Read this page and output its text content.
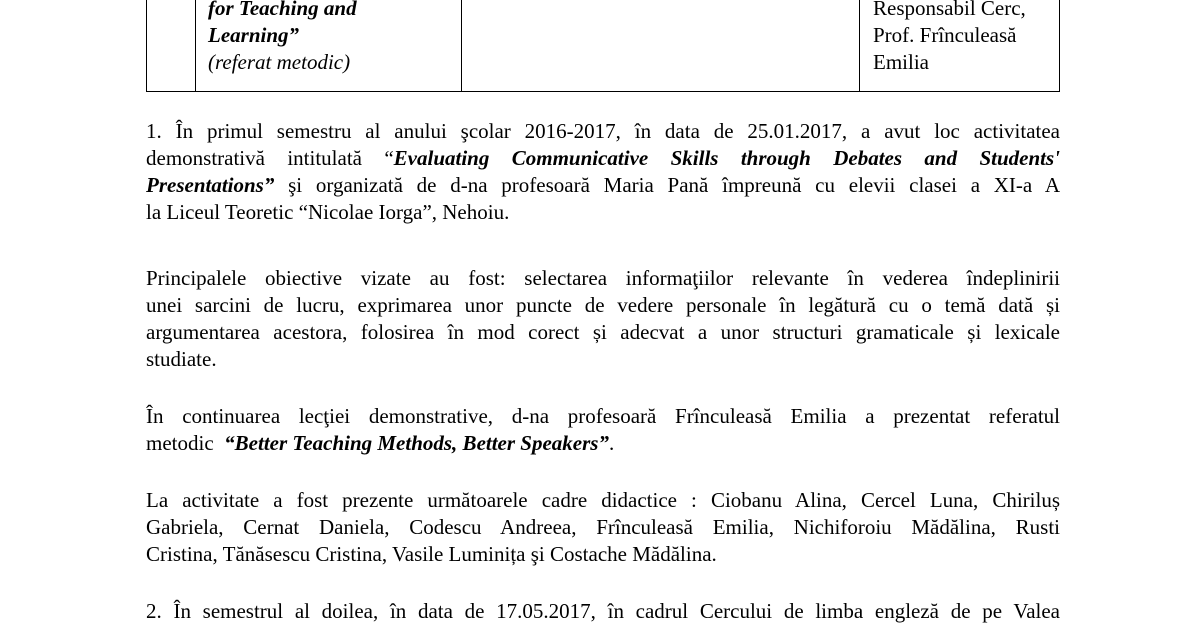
for Teaching and
Learning”
(referat metodic)
Responsabil Cerc,
Prof. Frînculeasă
Emilia
1. În primul semestru al anului şcolar 2016-2017, în data de 25.01.2017, a avut loc activitatea
demonstrativă intitulată “Evaluating Communicative Skills through Debates and Students'
Presentations” şi organizată de d-na profesoară Maria Pană împreună cu elevii clasei a XI-a A
la Liceul Teoretic “Nicolae Iorga”, Nehoiu.
Principalele obiective vizate au fost: selectarea informaţiilor relevante în vederea îndeplinirii
unei sarcini de lucru, exprimarea unor puncte de vedere personale în legătură cu o temă dată și
argumentarea acestora, folosirea în mod corect și adecvat a unor structuri gramaticale și lexicale
studiate.
În continuarea lecţiei demonstrative, d-na profesoară Frînculeasă Emilia a prezentat referatul
metodic  “Better Teaching Methods, Better Speakers”.
La activitate a fost prezente următoarele cadre didactice : Ciobanu Alina, Cercel Luna, Chiriluș
Gabriela, Cernat Daniela, Codescu Andreea, Frînculeasă Emilia, Nichiforoiu Mădălina, Rusti
Cristina, Tănăsescu Cristina, Vasile Luminița şi Costache Mădălina.
2. În semestrul al doilea, în data de 17.05.2017, în cadrul Cercului de limba engleză de pe Valea
